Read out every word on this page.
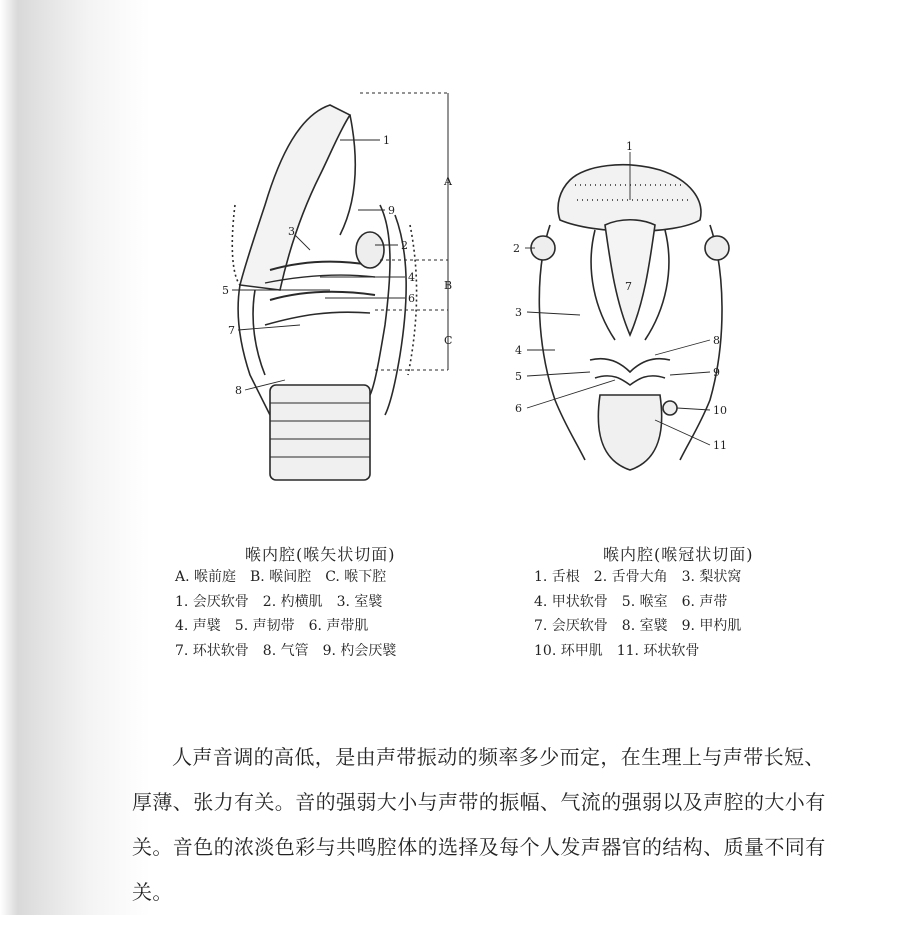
1
9
3
2
4
5
6
7
8
A
B
C
1
2
3
4
5
6
7
8
9
10
11
喉内腔(喉矢状切面)
A. 喉前庭　B. 喉间腔　C. 喉下腔
1. 会厌软骨　2. 杓横肌　3. 室襞
4. 声襞　5. 声韧带　6. 声带肌
7. 环状软骨　8. 气管　9. 杓会厌襞
喉内腔(喉冠状切面)
1. 舌根　2. 舌骨大角　3. 梨状窝
4. 甲状软骨　5. 喉室　6. 声带
7. 会厌软骨　8. 室襞　9. 甲杓肌
10. 环甲肌　11. 环状软骨

人声音调的高低，是由声带振动的频率多少而定，在生理上与声带长短、厚薄、张力有关。音的强弱大小与声带的振幅、气流的强弱以及声腔的大小有关。音色的浓淡色彩与共鸣腔体的选择及每个人发声器官的结构、质量不同有关。
